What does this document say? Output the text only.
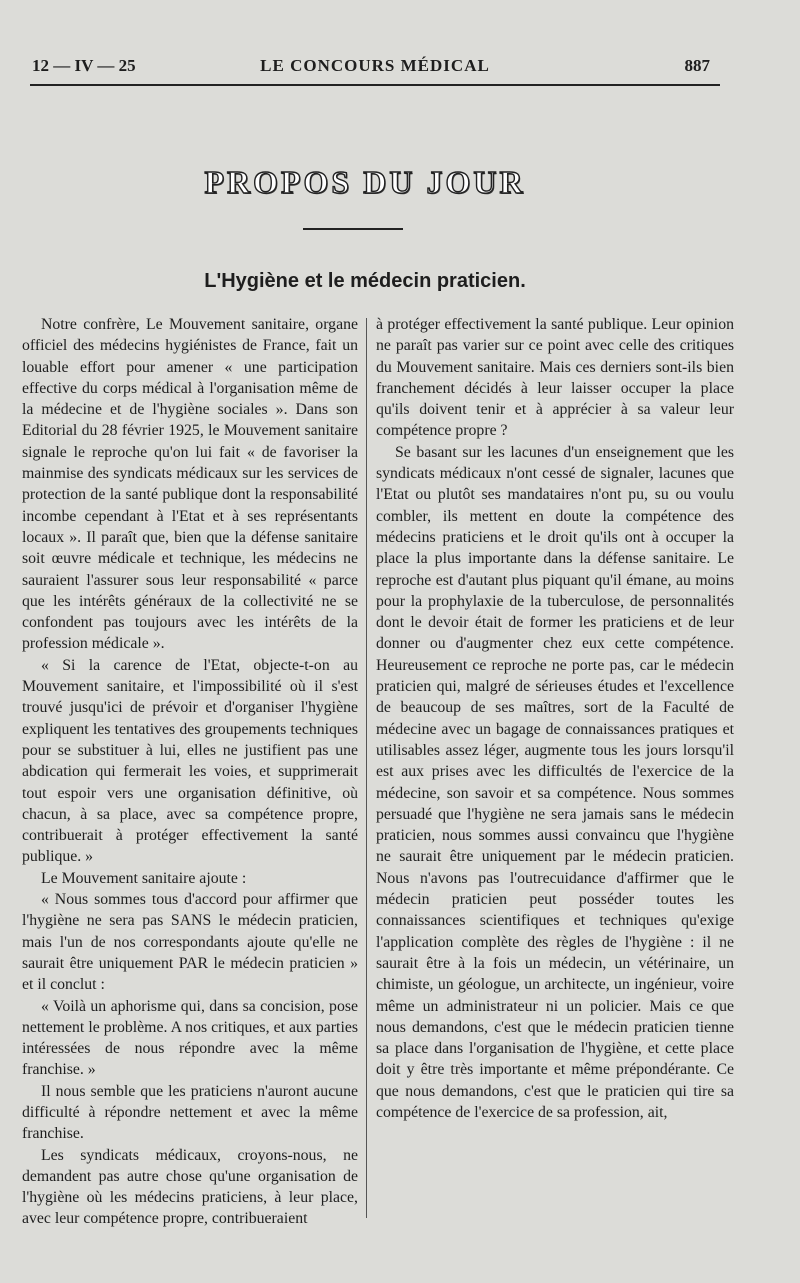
12 — IV — 25	LE CONCOURS MÉDICAL	887
PROPOS DU JOUR
L'Hygiène et le médecin praticien.

Notre confrère, Le Mouvement sanitaire, organe officiel des médecins hygiénistes de France, fait un louable effort pour amener « une participation effective du corps médical à l'organisation même de la médecine et de l'hygiène sociales ». Dans son Editorial du 28 février 1925, le Mouvement sanitaire signale le reproche qu'on lui fait « de favoriser la mainmise des syndicats médicaux sur les services de protection de la santé publique dont la responsabilité incombe cependant à l'Etat et à ses représentants locaux ». Il paraît que, bien que la défense sanitaire soit œuvre médicale et technique, les médecins ne sauraient l'assurer sous leur responsabilité « parce que les intérêts généraux de la collectivité ne se confondent pas toujours avec les intérêts de la profession médicale ».

« Si la carence de l'Etat, objecte-t-on au Mouvement sanitaire, et l'impossibilité où il s'est trouvé jusqu'ici de prévoir et d'organiser l'hygiène expliquent les tentatives des groupements techniques pour se substituer à lui, elles ne justifient pas une abdication qui fermerait les voies, et supprimerait tout espoir vers une organisation définitive, où chacun, à sa place, avec sa compétence propre, contribuerait à protéger effectivement la santé publique. »

Le Mouvement sanitaire ajoute :

« Nous sommes tous d'accord pour affirmer que l'hygiène ne sera pas SANS le médecin praticien, mais l'un de nos correspondants ajoute qu'elle ne saurait être uniquement PAR le médecin praticien » et il conclut :

« Voilà un aphorisme qui, dans sa concision, pose nettement le problème. A nos critiques, et aux parties intéressées de nous répondre avec la même franchise. »

Il nous semble que les praticiens n'auront aucune difficulté à répondre nettement et avec la même franchise.

Les syndicats médicaux, croyons-nous, ne demandent pas autre chose qu'une organisation de l'hygiène où les médecins praticiens, à leur place, avec leur compétence propre, contribueraient

à protéger effectivement la santé publique. Leur opinion ne paraît pas varier sur ce point avec celle des critiques du Mouvement sanitaire. Mais ces derniers sont-ils bien franchement décidés à leur laisser occuper la place qu'ils doivent tenir et à apprécier à sa valeur leur compétence propre ?

Se basant sur les lacunes d'un enseignement que les syndicats médicaux n'ont cessé de signaler, lacunes que l'Etat ou plutôt ses mandataires n'ont pu, su ou voulu combler, ils mettent en doute la compétence des médecins praticiens et le droit qu'ils ont à occuper la place la plus importante dans la défense sanitaire. Le reproche est d'autant plus piquant qu'il émane, au moins pour la prophylaxie de la tuberculose, de personnalités dont le devoir était de former les praticiens et de leur donner ou d'augmenter chez eux cette compétence. Heureusement ce reproche ne porte pas, car le médecin praticien qui, malgré de sérieuses études et l'excellence de beaucoup de ses maîtres, sort de la Faculté de médecine avec un bagage de connaissances pratiques et utilisables assez léger, augmente tous les jours lorsqu'il est aux prises avec les difficultés de l'exercice de la médecine, son savoir et sa compétence. Nous sommes persuadé que l'hygiène ne sera jamais sans le médecin praticien, nous sommes aussi convaincu que l'hygiène ne saurait être uniquement par le médecin praticien. Nous n'avons pas l'outrecuidance d'affirmer que le médecin praticien peut posséder toutes les connaissances scientifiques et techniques qu'exige l'application complète des règles de l'hygiène : il ne saurait être à la fois un médecin, un vétérinaire, un chimiste, un géologue, un architecte, un ingénieur, voire même un administrateur ni un policier. Mais ce que nous demandons, c'est que le médecin praticien tienne sa place dans l'organisation de l'hygiène, et cette place doit y être très importante et même prépondérante. Ce que nous demandons, c'est que le praticien qui tire sa compétence de l'exercice de sa profession, ait,
